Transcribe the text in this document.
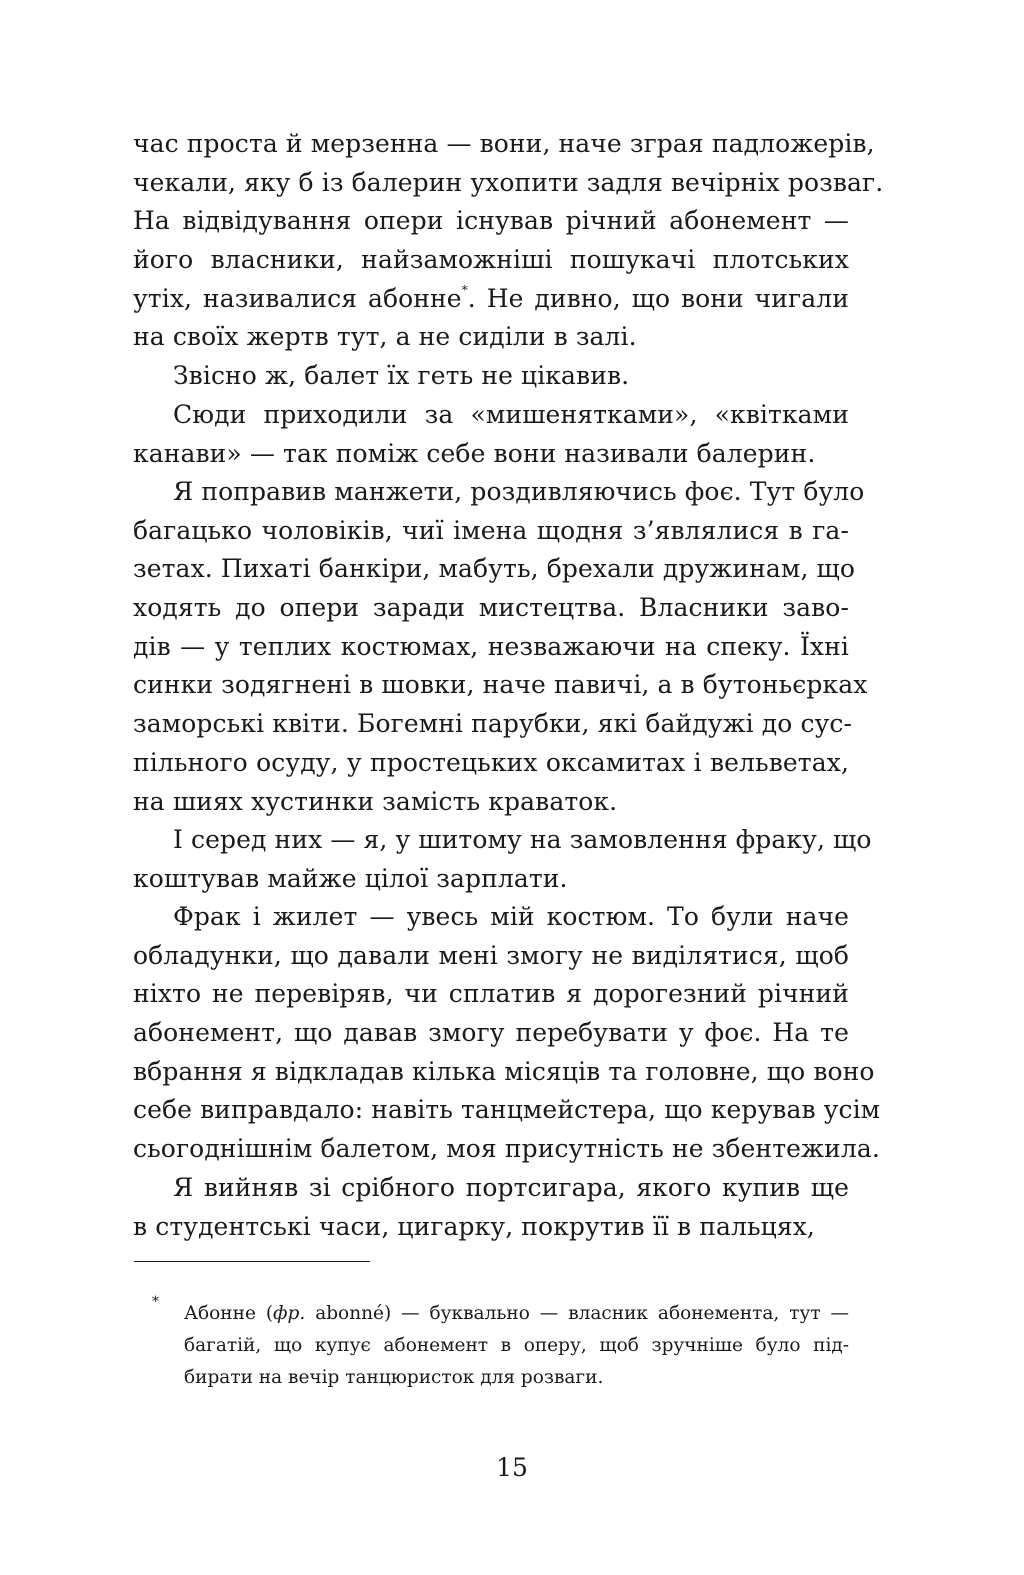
час проста й мерзенна — вони, наче зграя падложерів,
чекали, яку б із балерин ухопити задля вечірніх розваг.
На відвідування опери існував річний абонемент —
його власники, найзаможніші пошукачі плотських
утіх, називалися абонне*. Не дивно, що вони чигали
на своїх жертв тут, а не сиділи в залі.

Звісно ж, балет їх геть не цікавив.

Сюди приходили за «мишенятками», «квітками
канави» — так поміж себе вони називали балерин.

Я поправив манжети, роздивляючись фоє. Тут було
багацько чоловіків, чиї імена щодня з’являлися в га-
зетах. Пихаті банкіри, мабуть, брехали дружинам, що
ходять до опери заради мистецтва. Власники заво-
дів — у теплих костюмах, незважаючи на спеку. Їхні
синки зодягнені в шовки, наче павичі, а в бутоньєрках
заморські квіти. Богемні парубки, які байдужі до сус-
пільного осуду, у простецьких оксамитах і вельветах,
на шиях хустинки замість краваток.

І серед них — я, у шитому на замовлення фраку, що
коштував майже цілої зарплати.

Фрак і жилет — увесь мій костюм. То були наче
обладунки, що давали мені змогу не виділятися, щоб
ніхто не перевіряв, чи сплатив я дорогезний річний
абонемент, що давав змогу перебувати у фоє. На те
вбрання я відкладав кілька місяців та головне, що воно
себе виправдало: навіть танцмейстера, що керував усім
сьогоднішнім балетом, моя присутність не збентежила.

Я вийняв зі срібного портсигара, якого купив ще
в студентські часи, цигарку, покрутив її в пальцях,

*

Абонне (фр. abonné) — буквально — власник абонемента, тут —
багатій, що купує абонемент в оперу, щоб зручніше було під-
бирати на вечір танцюристок для розваги.

15
